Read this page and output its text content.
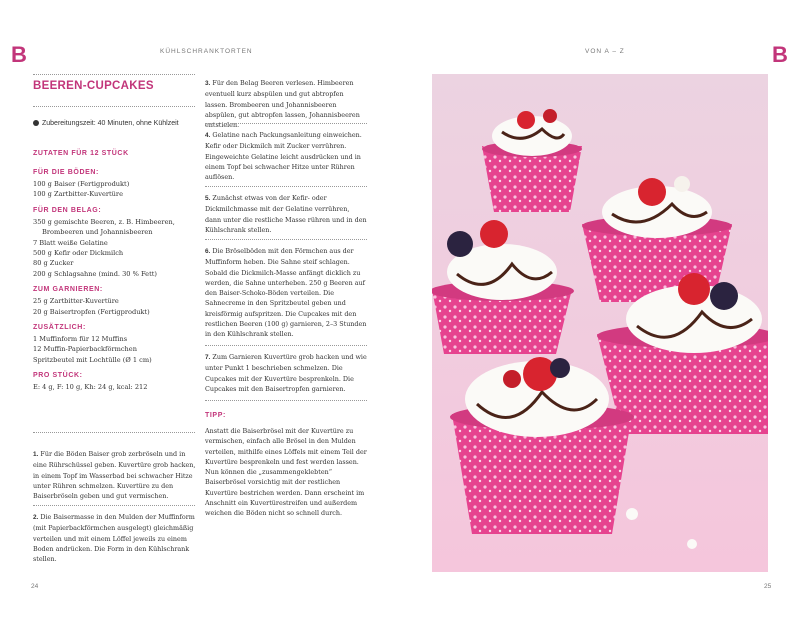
B	B
KÜHLSCHRANKTORTEN	VON A – Z
BEEREN-CUPCAKES
Zubereitungszeit: 40 Minuten, ohne Kühlzeit
ZUTATEN FÜR 12 STÜCK
FÜR DIE BÖDEN:
100 g Baiser (Fertigprodukt)
100 g Zartbitter-Kuvertüre
FÜR DEN BELAG:
350 g gemischte Beeren, z. B. Himbeeren, Brombeeren und Johannisbeeren
7 Blatt weiße Gelatine
500 g Kefir oder Dickmilch
80 g Zucker
200 g Schlagsahne (mind. 30 % Fett)
ZUM GARNIEREN:
25 g Zartbitter-Kuvertüre
20 g Baisertropfen (Fertigprodukt)
ZUSÄTZLICH:
1 Muffinform für 12 Muffins
12 Muffin-Papierbackförmchen
Spritzbeutel mit Lochtülle (Ø 1 cm)
PRO STÜCK:
E: 4 g, F: 10 g, Kh: 24 g, kcal: 212
1. Für die Böden Baiser grob zerbröseln und in eine Rührschüssel geben. Kuvertüre grob hacken, in einem Topf im Wasserbad bei schwacher Hitze unter Rühren schmelzen. Kuvertüre zu den Baiserbröseln geben und gut vermischen.
2. Die Baisermasse in den Mulden der Muffinform (mit Papierbackförmchen ausgelegt) gleichmäßig verteilen und mit einem Löffel jeweils zu einem Boden andrücken. Die Form in den Kühlschrank stellen.
3. Für den Belag Beeren verlesen. Himbeeren eventuell kurz abspülen und gut abtropfen lassen. Brombeeren und Johannisbeeren abspülen, gut abtropfen lassen, Johannisbeeren entstielen.
4. Gelatine nach Packungsanleitung einweichen. Kefir oder Dickmilch mit Zucker verrühren. Eingeweichte Gelatine leicht ausdrücken und in einem Topf bei schwacher Hitze unter Rühren auflösen.
5. Zunächst etwas von der Kefir- oder Dickmilchmasse mit der Gelatine verrühren, dann unter die restliche Masse rühren und in den Kühlschrank stellen.
6. Die Bröselböden mit den Förmchen aus der Muffinform heben. Die Sahne steif schlagen. Sobald die Dickmilch-Masse anfängt dicklich zu werden, die Sahne unterheben. 250 g Beeren auf den Baiser-Schoko-Böden verteilen. Die Sahnecreme in den Spritzbeutel geben und kreisförmig aufspritzen. Die Cupcakes mit den restlichen Beeren (100 g) garnieren, 2–3 Stunden in den Kühlschrank stellen.
7. Zum Garnieren Kuvertüre grob hacken und wie unter Punkt 1 beschrieben schmelzen. Die Cupcakes mit der Kuvertüre besprenkeln. Die Cupcakes mit den Baisertropfen garnieren.
TIPP:
Anstatt die Baiserbrösel mit der Kuvertüre zu vermischen, einfach alle Brösel in den Mulden verteilen, mithilfe eines Löffels mit einem Teil der Kuvertüre besprenkeln und fest werden lassen. Nun können die „zusammengeklebten“ Baiserbrösel vorsichtig mit der restlichen Kuvertüre bestrichen werden. Dann erscheint im Anschnitt ein Kuvertürestreifen und außerdem weichen die Böden nicht so schnell durch.
24	25
